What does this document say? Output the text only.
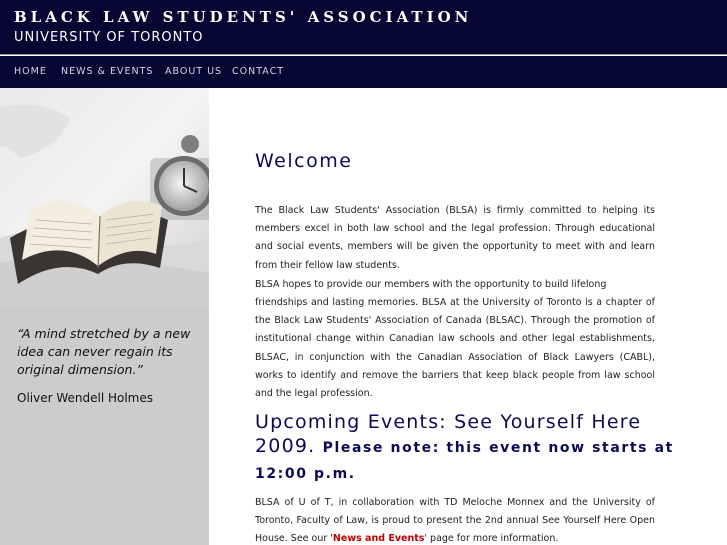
BLACK LAW STUDENTS' ASSOCIATION
UNIVERSITY OF TORONTO
HOME NEWS & EVENTS ABOUT US CONTACT
“A mind stretched by a new idea can never regain its original dimension.”
Oliver Wendell Holmes
Welcome

The Black Law Students' Association (BLSA) is firmly committed to helping its members excel in both law school and the legal profession. Through educational and social events, members will be given the opportunity to meet with and learn from their fellow law students.

BLSA hopes to provide our members with the opportunity to build lifelong

friendships and lasting memories. BLSA at the University of Toronto is a chapter of the Black Law Students' Association of Canada (BLSAC). Through the promotion of institutional change within Canadian law schools and other legal establishments, BLSAC, in conjunction with the Canadian Association of Black Lawyers (CABL), works to identify and remove the barriers that keep black people from law school and the legal profession.

Upcoming Events: See Yourself Here 2009. Please note: this event now starts at 12:00 p.m.

BLSA of U of T, in collaboration with TD Meloche Monnex and the University of Toronto, Faculty of Law, is proud to present the 2nd annual See Yourself Here Open House. See our 'News and Events' page for more information.
